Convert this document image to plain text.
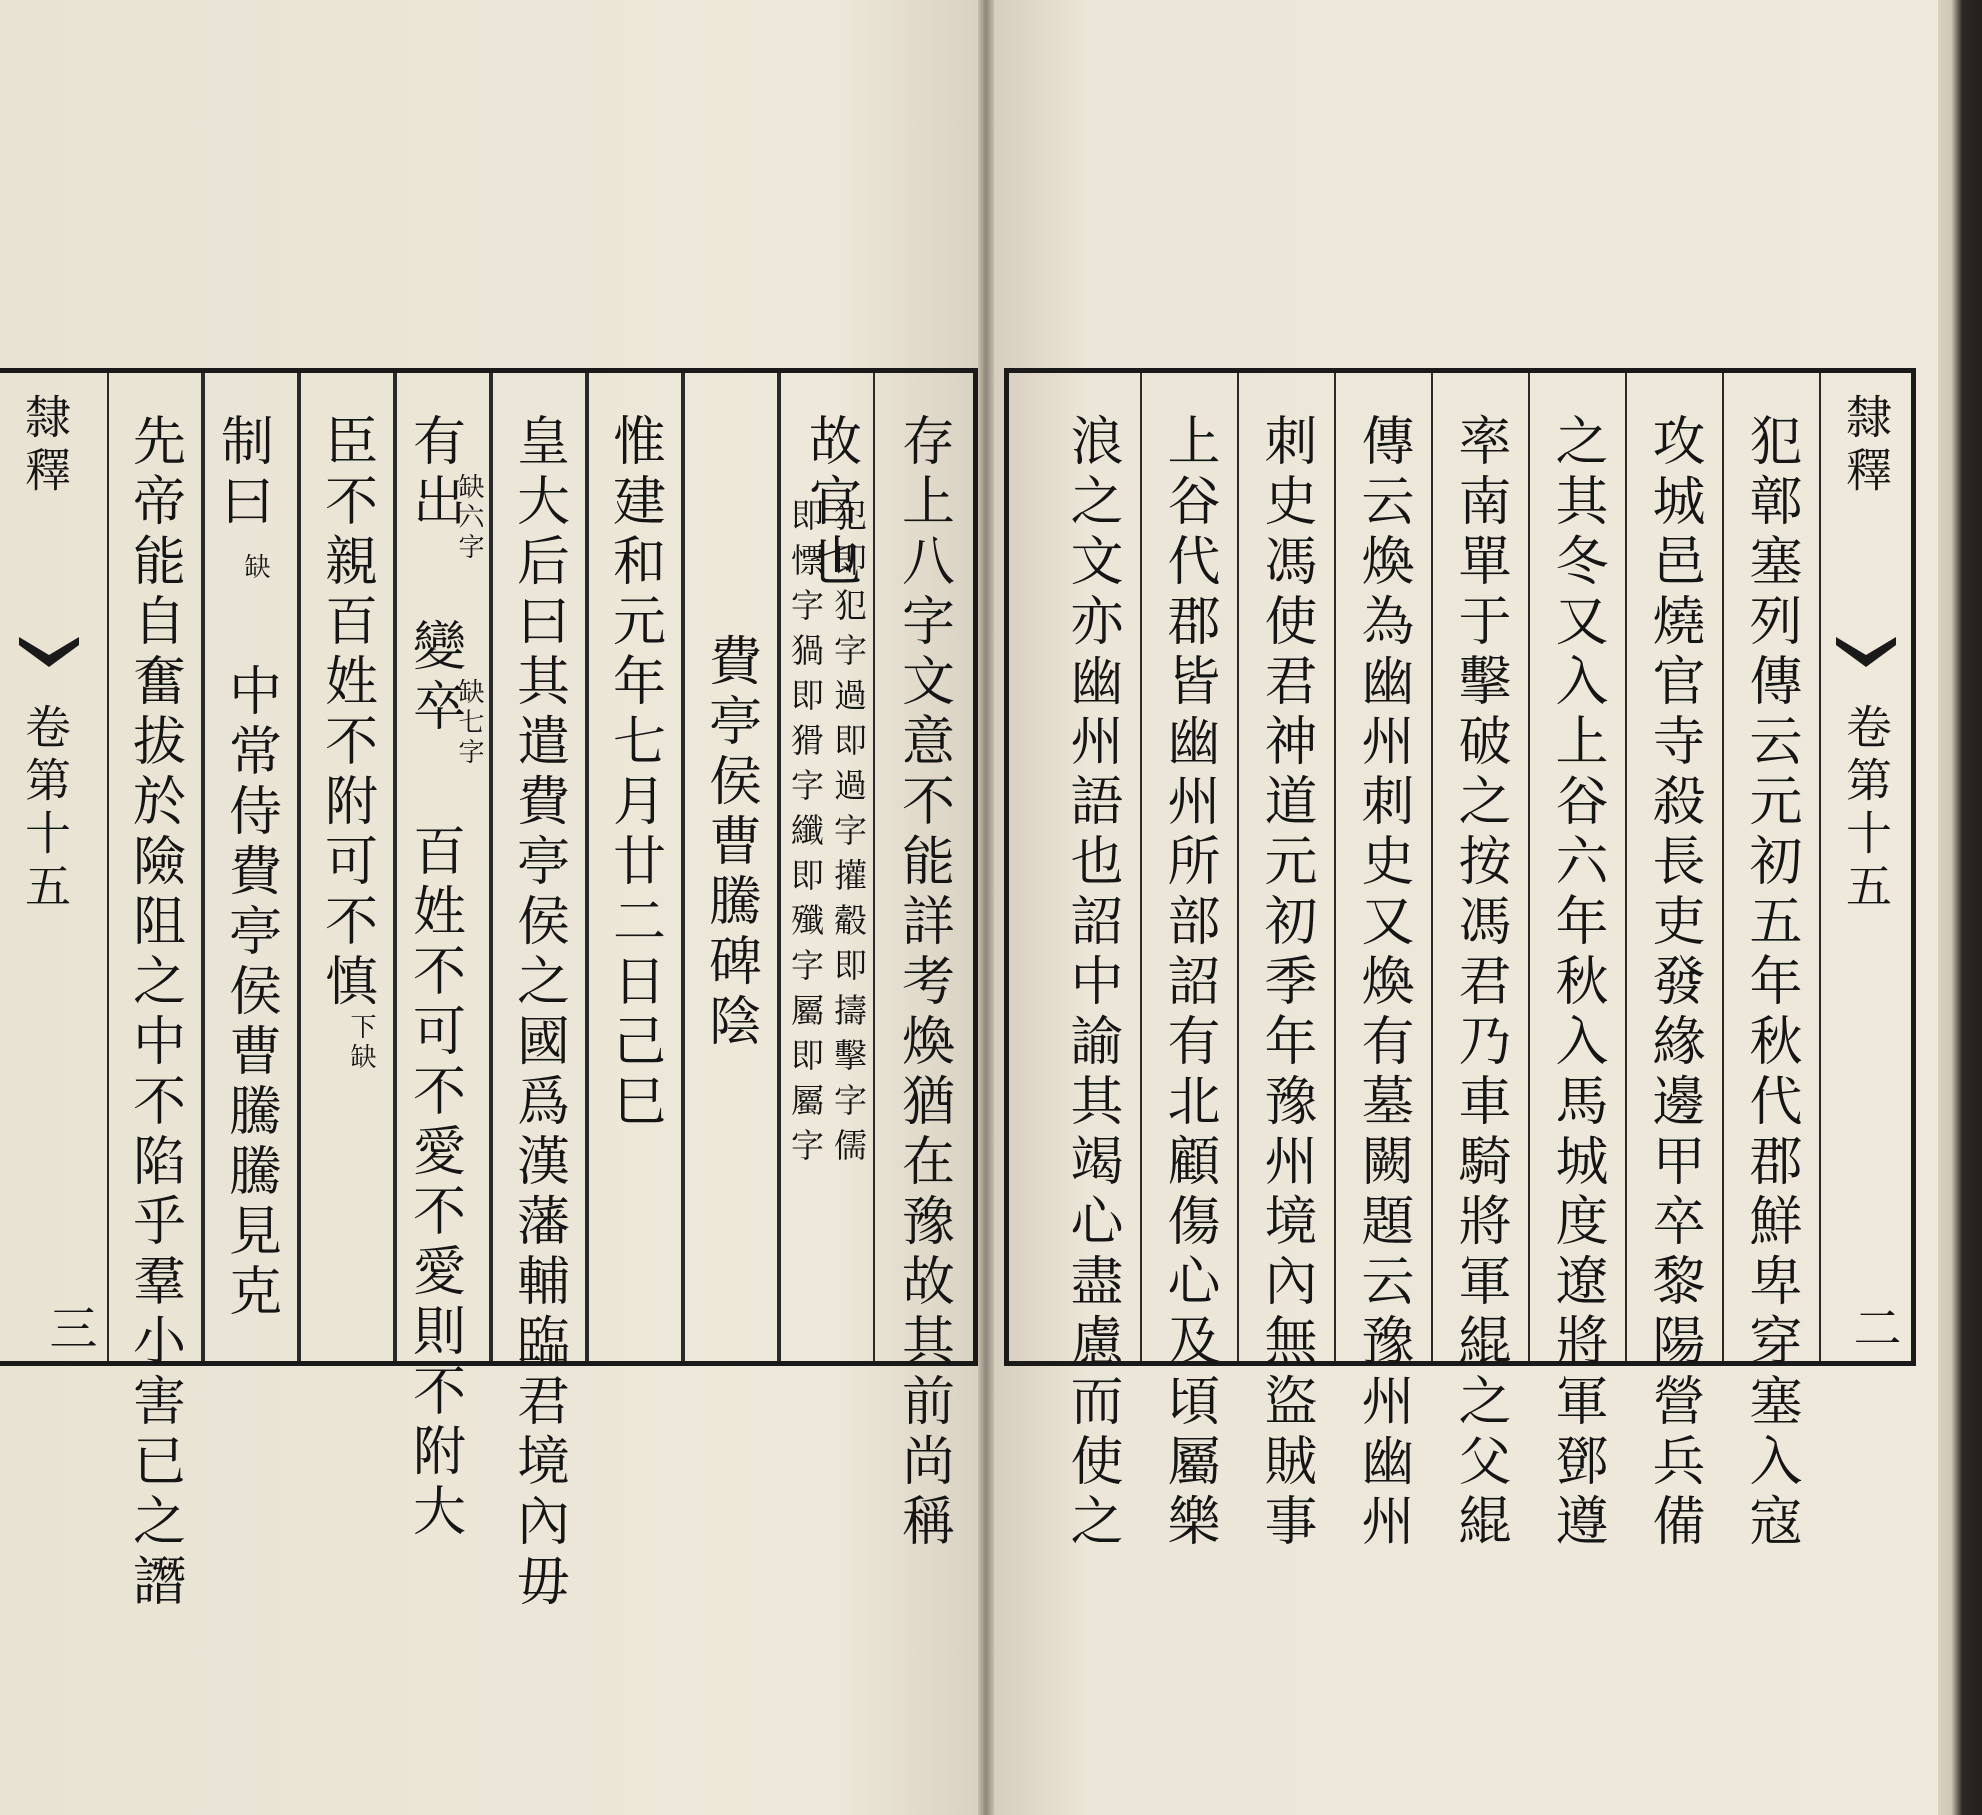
隸釋
卷第十五
二
犯鄣塞列傳云元初五年秋代郡鮮卑穿塞入寇
攻城邑燒官寺殺長吏發緣邊甲卒黎陽營兵備
之其冬又入上谷六年秋入馬城度遼將軍鄧遵
率南單于擊破之按馮君乃車騎將軍緄之父緄
傳云煥為幽州刺史又煥有墓闕題云豫州幽州
刺史馮使君神道元初季年豫州境內無盜賊事
上谷代郡皆幽州所部詔有北顧傷心及頃屬樂
浪之文亦幽州語也詔中諭其竭心盡慮而使之
存上八字文意不能詳考煥猶在豫故其前尚稱
故官也
犯即犯字過即過字㩲觳即擣擊字儒
即慓字猧即猾字纖即殲字屬即屬字
費亭侯曹騰碑陰
惟建和元年七月廿二日己巳
皇大后曰其遣費亭侯之國爲漢藩輔臨君境內毋
有出
缺六字
變卒
缺七字
百姓不可不愛不愛則不附大
臣不親百姓不附可不慎
下缺
制曰
缺
中常侍費亭侯曹騰騰見克
先帝能自奮拔於險阻之中不陷乎羣小害已之譖
隸釋
卷第十五
三
